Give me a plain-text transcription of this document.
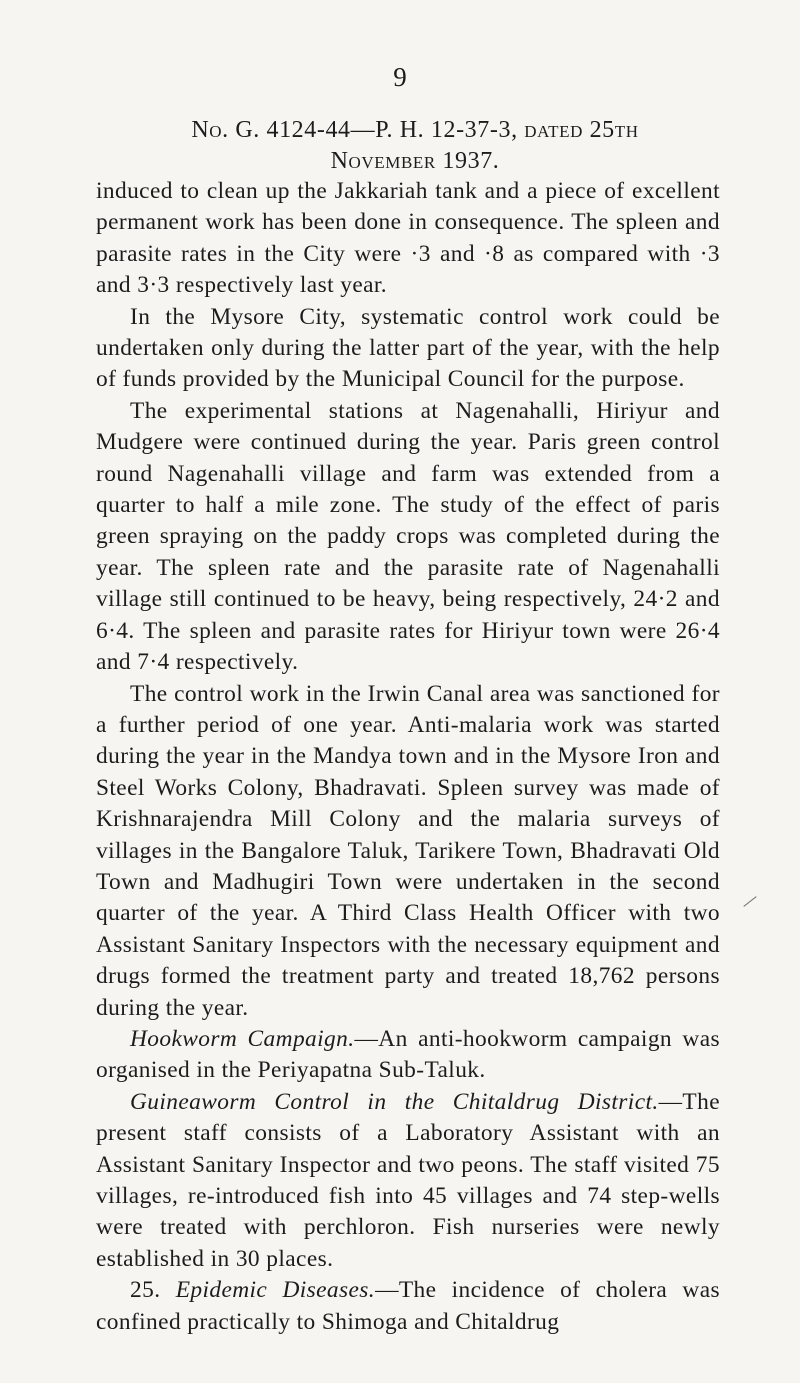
9
No. G. 4124-44—P. H. 12-37-3, dated 25th
November 1937.

induced to clean up the Jakkariah tank and a piece of excellent permanent work has been done in consequence. The spleen and parasite rates in the City were ·3 and ·8 as compared with ·3 and 3·3 respectively last year.

In the Mysore City, systematic control work could be undertaken only during the latter part of the year, with the help of funds provided by the Municipal Council for the purpose.

The experimental stations at Nagenahalli, Hiriyur and Mudgere were continued during the year. Paris green control round Nagenahalli village and farm was extended from a quarter to half a mile zone. The study of the effect of paris green spraying on the paddy crops was completed during the year. The spleen rate and the parasite rate of Nagenahalli village still continued to be heavy, being respectively, 24·2 and 6·4. The spleen and parasite rates for Hiriyur town were 26·4 and 7·4 respectively.

The control work in the Irwin Canal area was sanctioned for a further period of one year. Anti-malaria work was started during the year in the Mandya town and in the Mysore Iron and Steel Works Colony, Bhadravati. Spleen survey was made of Krishnarajendra Mill Colony and the malaria surveys of villages in the Bangalore Taluk, Tarikere Town, Bhadravati Old Town and Madhugiri Town were undertaken in the second quarter of the year. A Third Class Health Officer with two Assistant Sanitary Inspectors with the necessary equipment and drugs formed the treatment party and treated 18,762 persons during the year.

Hookworm Campaign.—An anti-hookworm campaign was organised in the Periyapatna Sub-Taluk.

Guineaworm Control in the Chitaldrug District.—The present staff consists of a Laboratory Assistant with an Assistant Sanitary Inspector and two peons. The staff visited 75 villages, re-introduced fish into 45 villages and 74 step-wells were treated with perchloron. Fish nurseries were newly established in 30 places.

25. Epidemic Diseases.—The incidence of cholera was confined practically to Shimoga and Chitaldrug
